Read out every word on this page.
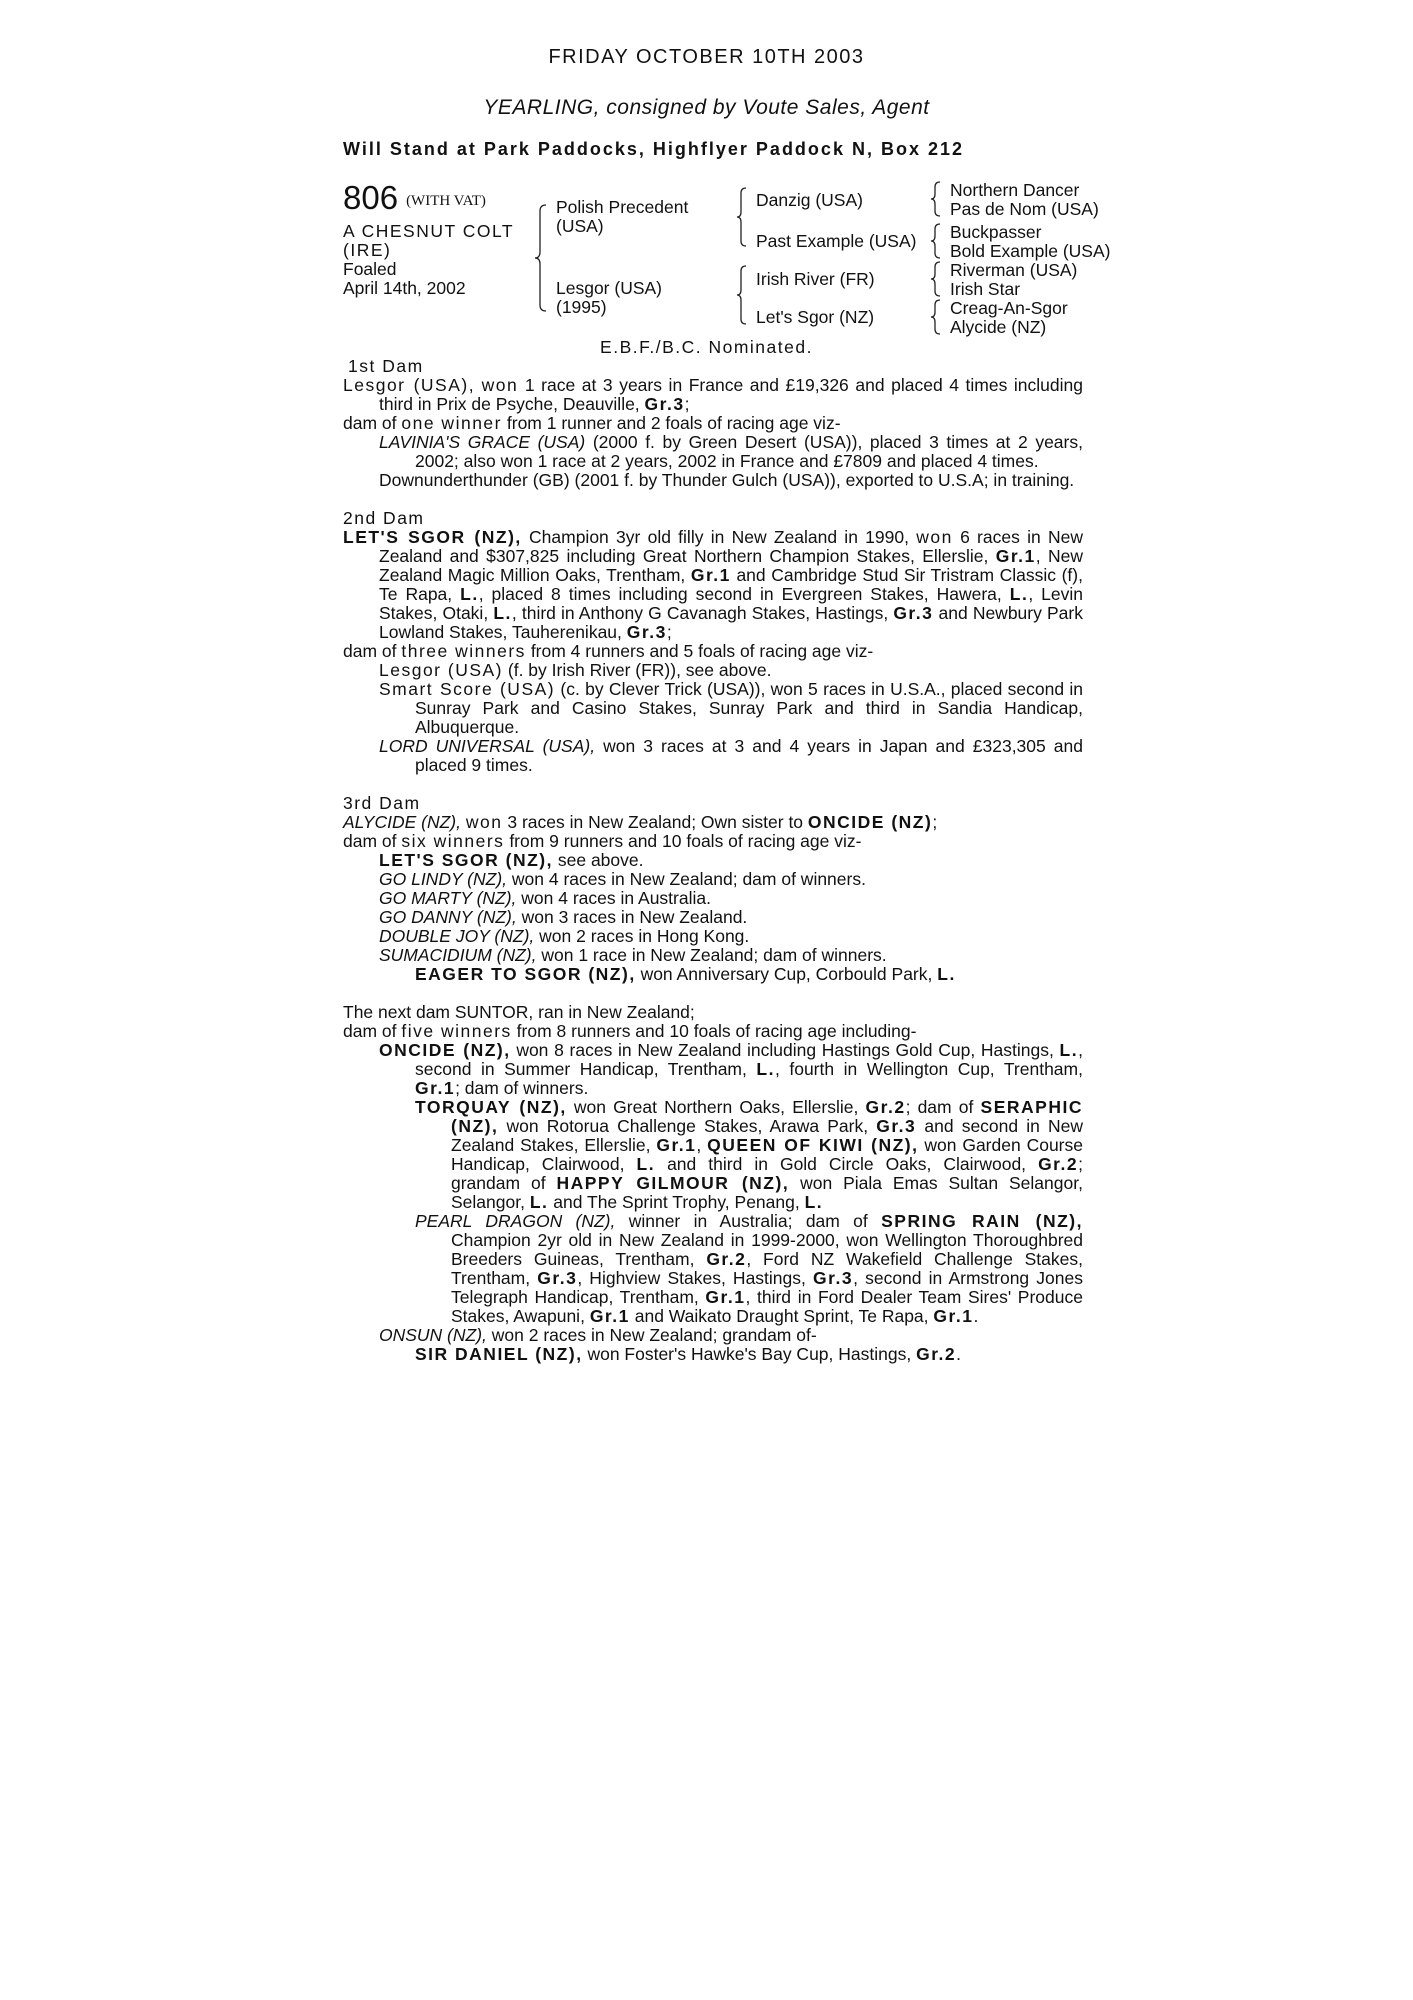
FRIDAY OCTOBER 10TH 2003
YEARLING, consigned by Voute Sales, Agent
Will Stand at Park Paddocks, Highflyer Paddock N, Box 212
806 (WITH VAT)
A CHESNUT COLT
(IRE)
Foaled
April 14th, 2002
Polish Precedent
(USA)
Lesgor (USA)
(1995)
Danzig (USA)
Past Example (USA)
Irish River (FR)
Let's Sgor (NZ)
Northern Dancer
Pas de Nom (USA)
Buckpasser
Bold Example (USA)
Riverman (USA)
Irish Star
Creag-An-Sgor
Alycide (NZ)
E.B.F./B.C. Nominated.
1st Dam
Lesgor (USA), won 1 race at 3 years in France and £19,326 and placed 4 times including third in Prix de Psyche, Deauville, Gr.3;
dam of one winner from 1 runner and 2 foals of racing age viz-
LAVINIA'S GRACE (USA) (2000 f. by Green Desert (USA)), placed 3 times at 2 years, 2002; also won 1 race at 2 years, 2002 in France and £7809 and placed 4 times.
Downunderthunder (GB) (2001 f. by Thunder Gulch (USA)), exported to U.S.A; in training.
2nd Dam
LET'S SGOR (NZ), Champion 3yr old filly in New Zealand in 1990, won 6 races in New Zealand and $307,825 including Great Northern Champion Stakes, Ellerslie, Gr.1, New Zealand Magic Million Oaks, Trentham, Gr.1 and Cambridge Stud Sir Tristram Classic (f), Te Rapa, L., placed 8 times including second in Evergreen Stakes, Hawera, L., Levin Stakes, Otaki, L., third in Anthony G Cavanagh Stakes, Hastings, Gr.3 and Newbury Park Lowland Stakes, Tauherenikau, Gr.3;
dam of three winners from 4 runners and 5 foals of racing age viz-
Lesgor (USA) (f. by Irish River (FR)), see above.
Smart Score (USA) (c. by Clever Trick (USA)), won 5 races in U.S.A., placed second in Sunray Park and Casino Stakes, Sunray Park and third in Sandia Handicap, Albuquerque.
LORD UNIVERSAL (USA), won 3 races at 3 and 4 years in Japan and £323,305 and placed 9 times.
3rd Dam
ALYCIDE (NZ), won 3 races in New Zealand; Own sister to ONCIDE (NZ);
dam of six winners from 9 runners and 10 foals of racing age viz-
LET'S SGOR (NZ), see above.
GO LINDY (NZ), won 4 races in New Zealand; dam of winners.
GO MARTY (NZ), won 4 races in Australia.
GO DANNY (NZ), won 3 races in New Zealand.
DOUBLE JOY (NZ), won 2 races in Hong Kong.
SUMACIDIUM (NZ), won 1 race in New Zealand; dam of winners.
EAGER TO SGOR (NZ), won Anniversary Cup, Corbould Park, L.
The next dam SUNTOR, ran in New Zealand;
dam of five winners from 8 runners and 10 foals of racing age including-
ONCIDE (NZ), won 8 races in New Zealand including Hastings Gold Cup, Hastings, L., second in Summer Handicap, Trentham, L., fourth in Wellington Cup, Trentham, Gr.1; dam of winners.
TORQUAY (NZ), won Great Northern Oaks, Ellerslie, Gr.2; dam of SERAPHIC (NZ), won Rotorua Challenge Stakes, Arawa Park, Gr.3 and second in New Zealand Stakes, Ellerslie, Gr.1, QUEEN OF KIWI (NZ), won Garden Course Handicap, Clairwood, L. and third in Gold Circle Oaks, Clairwood, Gr.2; grandam of HAPPY GILMOUR (NZ), won Piala Emas Sultan Selangor, Selangor, L. and The Sprint Trophy, Penang, L.
PEARL DRAGON (NZ), winner in Australia; dam of SPRING RAIN (NZ), Champion 2yr old in New Zealand in 1999-2000, won Wellington Thoroughbred Breeders Guineas, Trentham, Gr.2, Ford NZ Wakefield Challenge Stakes, Trentham, Gr.3, Highview Stakes, Hastings, Gr.3, second in Armstrong Jones Telegraph Handicap, Trentham, Gr.1, third in Ford Dealer Team Sires' Produce Stakes, Awapuni, Gr.1 and Waikato Draught Sprint, Te Rapa, Gr.1.
ONSUN (NZ), won 2 races in New Zealand; grandam of-
SIR DANIEL (NZ), won Foster's Hawke's Bay Cup, Hastings, Gr.2.
